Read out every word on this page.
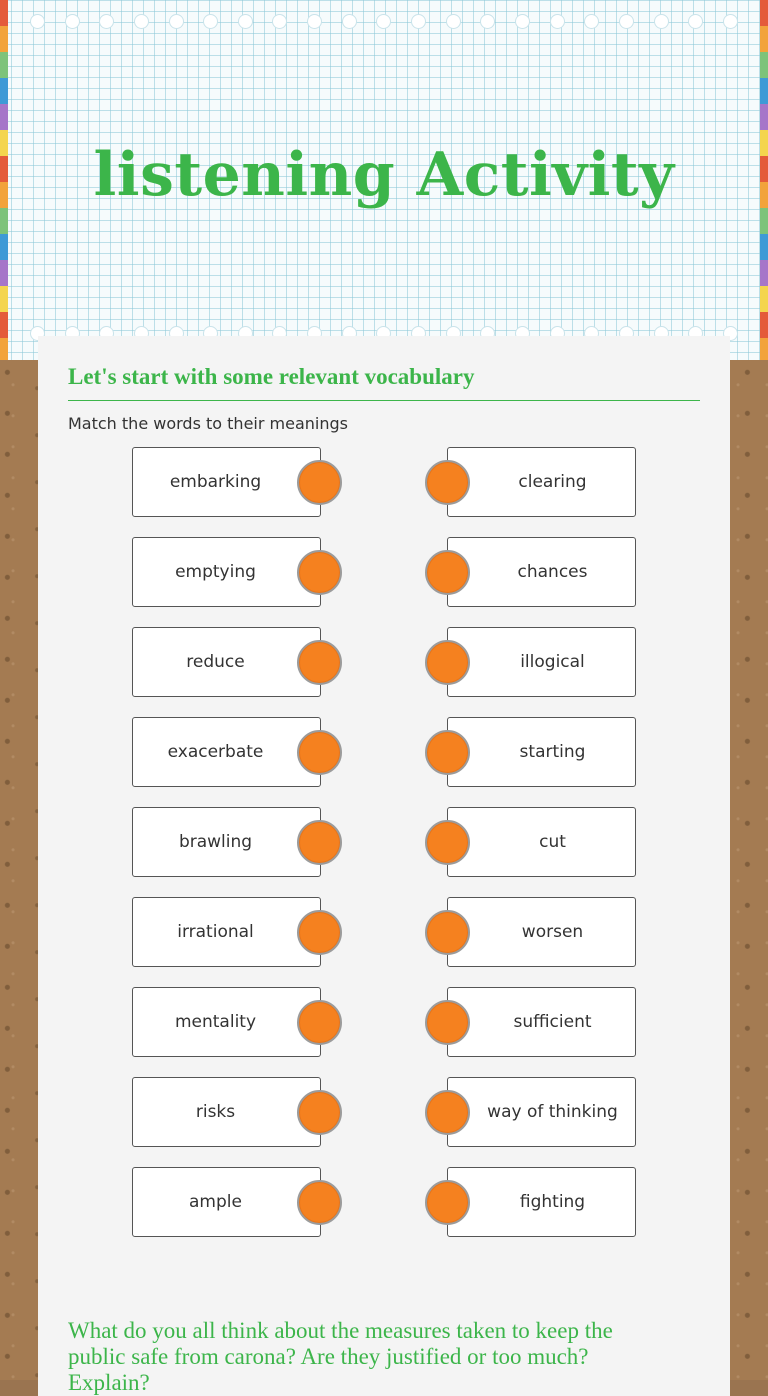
listening Activity
Let's start with some relevant vocabulary
Match the words to their meanings
embarking	clearing
emptying	chances
reduce	illogical
exacerbate	starting
brawling	cut
irrational	worsen
mentality	sufficient
risks	way of thinking
ample	fighting
What do you all think about the measures taken to keep the public safe from carona? Are they justified or too much? Explain?
